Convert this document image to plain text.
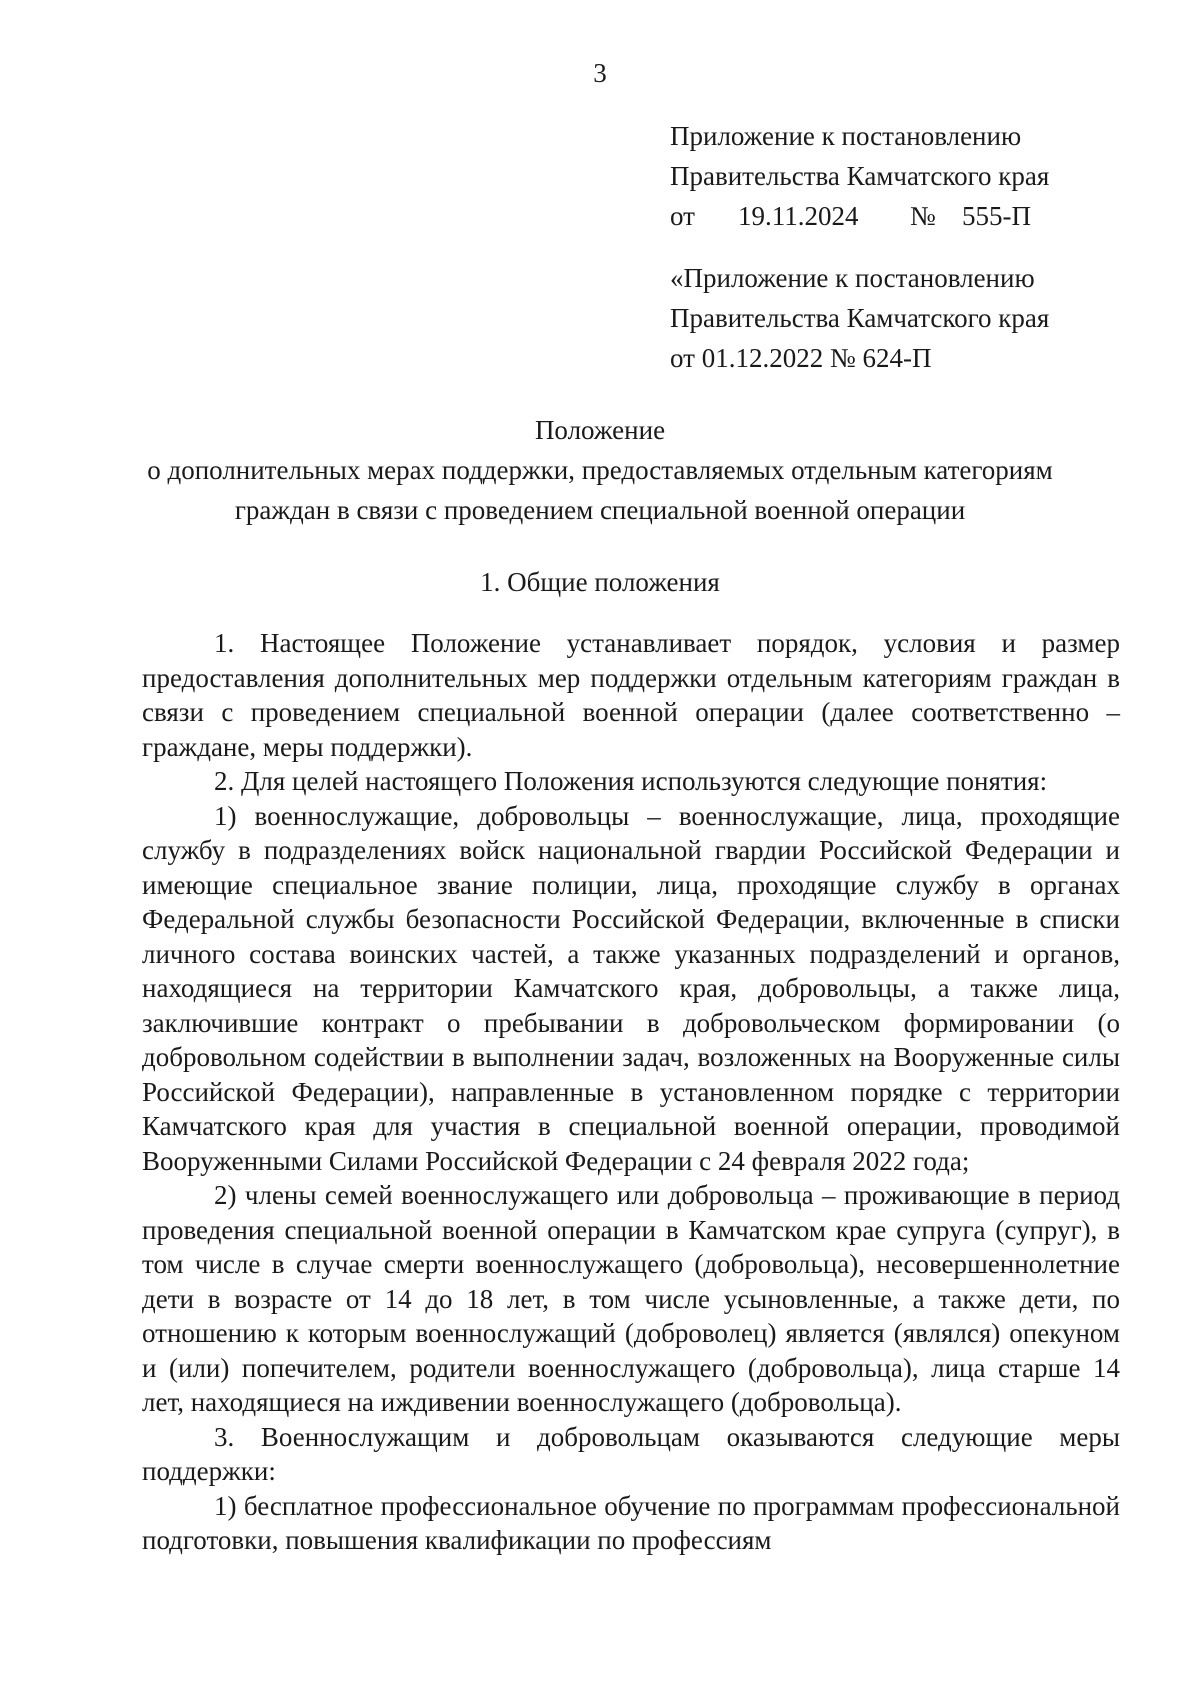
3
Приложение к постановлению
Правительства Камчатского края
от 19.11.2024 № 555-П
«Приложение к постановлению
Правительства Камчатского края
от 01.12.2022 № 624-П
Положение
о дополнительных мерах поддержки, предоставляемых отдельным категориям
граждан в связи с проведением специальной военной операции
1. Общие положения

1. Настоящее Положение устанавливает порядок, условия и размер предоставления дополнительных мер поддержки отдельным категориям граждан в связи с проведением специальной военной операции (далее соответственно – граждане, меры поддержки).

2. Для целей настоящего Положения используются следующие понятия:

1) военнослужащие, добровольцы – военнослужащие, лица, проходящие службу в подразделениях войск национальной гвардии Российской Федерации и имеющие специальное звание полиции, лица, проходящие службу в органах Федеральной службы безопасности Российской Федерации, включенные в списки личного состава воинских частей, а также указанных подразделений и органов, находящиеся на территории Камчатского края, добровольцы, а также лица, заключившие контракт о пребывании в добровольческом формировании (о добровольном содействии в выполнении задач, возложенных на Вооруженные силы Российской Федерации), направленные в установленном порядке с территории Камчатского края для участия в специальной военной операции, проводимой Вооруженными Силами Российской Федерации с 24 февраля 2022 года;

2) члены семей военнослужащего или добровольца – проживающие в период проведения специальной военной операции в Камчатском крае супруга (супруг), в том числе в случае смерти военнослужащего (добровольца), несовершеннолетние дети в возрасте от 14 до 18 лет, в том числе усыновленные, а также дети, по отношению к которым военнослужащий (доброволец) является (являлся) опекуном и (или) попечителем, родители военнослужащего (добровольца), лица старше 14 лет, находящиеся на иждивении военнослужащего (добровольца).

3. Военнослужащим и добровольцам оказываются следующие меры поддержки:

1) бесплатное профессиональное обучение по программам профессиональной подготовки, повышения квалификации по профессиям
